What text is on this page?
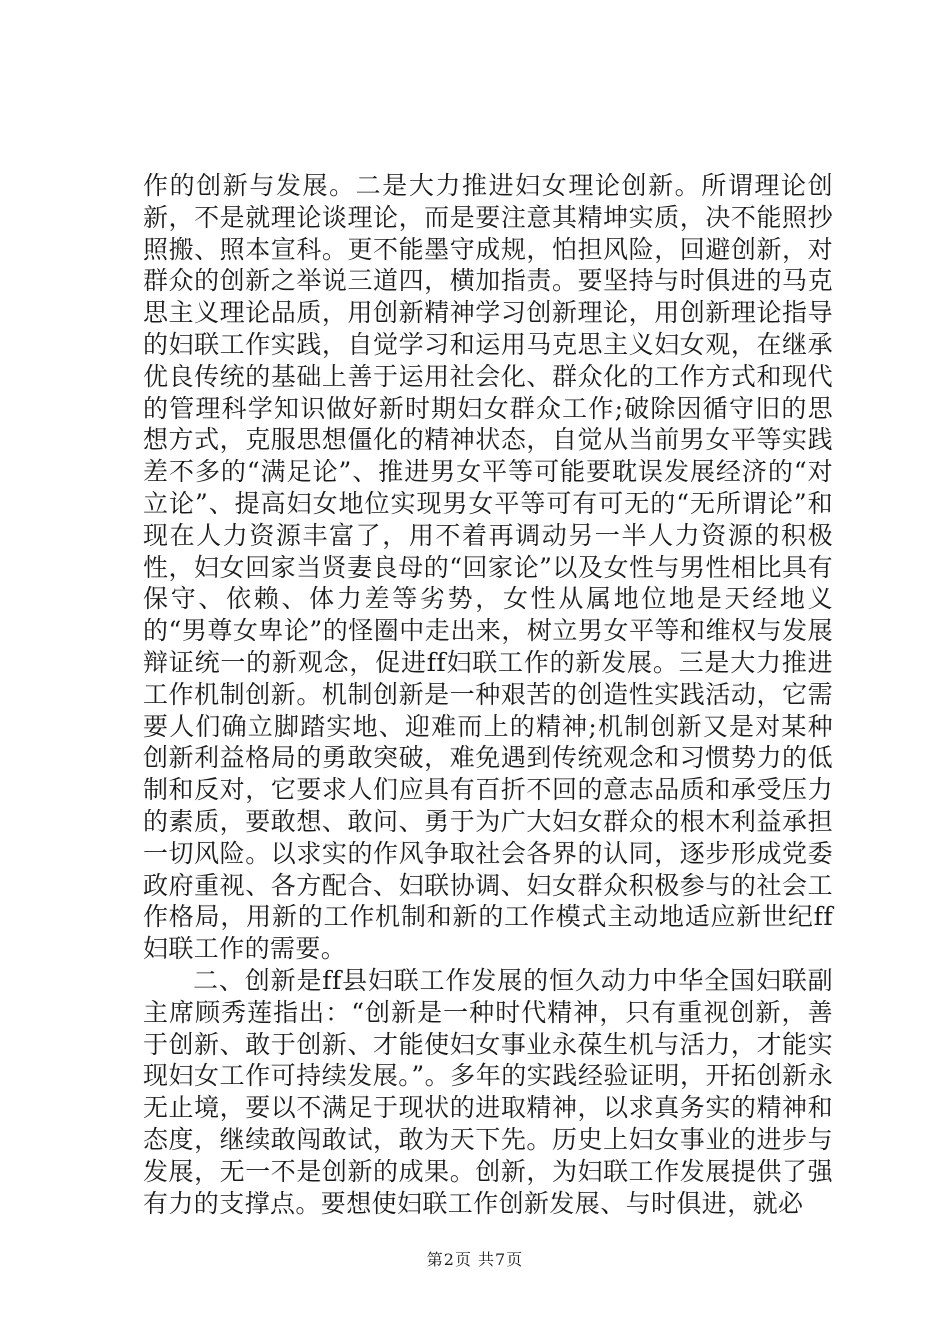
作的创新与发展。二是大力推进妇女理论创新。所谓理论创新，不是就理论谈理论，而是要注意其精坤实质，决不能照抄照搬、照本宣科。更不能墨守成规，怕担风险，回避创新，对群众的创新之举说三道四，横加指责。要坚持与时俱进的马克思主义理论品质，用创新精神学习创新理论，用创新理论指导的妇联工作实践，自觉学习和运用马克思主义妇女观，在继承优良传统的基础上善于运用社会化、群众化的工作方式和现代的管理科学知识做好新时期妇女群众工作;破除因循守旧的思想方式，克服思想僵化的精神状态，自觉从当前男女平等实践差不多的“满足论”、推进男女平等可能要耽误发展经济的“对立论”、提高妇女地位实现男女平等可有可无的“无所谓论”和现在人力资源丰富了，用不着再调动另一半人力资源的积极性，妇女回家当贤妻良母的“回家论”以及女性与男性相比具有保守、依赖、体力差等劣势，女性从属地位地是天经地义的“男尊女卑论”的怪圈中走出来，树立男女平等和维权与发展辩证统一的新观念，促进ff妇联工作的新发展。三是大力推进工作机制创新。机制创新是一种艰苦的创造性实践活动，它需要人们确立脚踏实地、迎难而上的精神;机制创新又是对某种创新利益格局的勇敢突破，难免遇到传统观念和习惯势力的低制和反对，它要求人们应具有百折不回的意志品质和承受压力的素质，要敢想、敢问、勇于为广大妇女群众的根木利益承担一切风险。以求实的作风争取社会各界的认同，逐步形成党委政府重视、各方配合、妇联协调、妇女群众积极参与的社会工作格局，用新的工作机制和新的工作模式主动地适应新世纪ff妇联工作的需要。

二、创新是ff县妇联工作发展的恒久动力中华全国妇联副主席顾秀莲指出：“创新是一种时代精神，只有重视创新，善于创新、敢于创新、才能使妇女事业永葆生机与活力，才能实现妇女工作可持续发展。”。多年的实践经验证明，开拓创新永无止境，要以不满足于现状的进取精神，以求真务实的精神和态度，继续敢闯敢试，敢为天下先。历史上妇女事业的进步与发展，无一不是创新的成果。创新，为妇联工作发展提供了强有力的支撑点。要想使妇联工作创新发展、与时俱进，就必

第2页 共7页
